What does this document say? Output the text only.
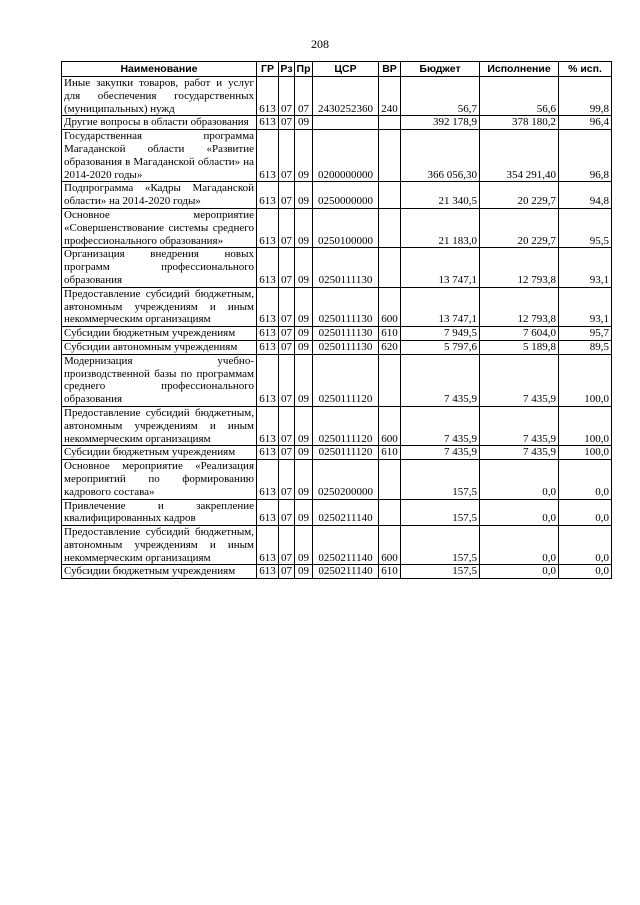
208
Наименование	ГР	Рз	Пр	ЦСР	ВР	Бюджет	Исполнение	% исп.
Иные закупки товаров, работ и услуг для обеспечения государственных (муниципальных) нужд	613	07	07	2430252360	240	56,7	56,6	99,8
Другие вопросы в области образования	613	07	09			392 178,9	378 180,2	96,4
Государственная программа Магаданской области «Развитие образования в Магаданской области» на 2014-2020 годы»	613	07	09	0200000000		366 056,30	354 291,40	96,8
Подпрограмма «Кадры Магаданской области» на 2014-2020 годы»	613	07	09	0250000000		21 340,5	20 229,7	94,8
Основное мероприятие «Совершенствование системы среднего профессионального образования»	613	07	09	0250100000		21 183,0	20 229,7	95,5
Организация внедрения новых программ профессионального образования	613	07	09	0250111130		13 747,1	12 793,8	93,1
Предоставление субсидий бюджетным, автономным учреждениям и иным некоммерческим организациям	613	07	09	0250111130	600	13 747,1	12 793,8	93,1
Субсидии бюджетным учреждениям	613	07	09	0250111130	610	7 949,5	7 604,0	95,7
Субсидии автономным учреждениям	613	07	09	0250111130	620	5 797,6	5 189,8	89,5
Модернизация учебно-производственной базы по программам среднего профессионального образования	613	07	09	0250111120		7 435,9	7 435,9	100,0
Предоставление субсидий бюджетным, автономным учреждениям и иным некоммерческим организациям	613	07	09	0250111120	600	7 435,9	7 435,9	100,0
Субсидии бюджетным учреждениям	613	07	09	0250111120	610	7 435,9	7 435,9	100,0
Основное мероприятие «Реализация мероприятий по формированию кадрового состава»	613	07	09	0250200000		157,5	0,0	0,0
Привлечение и закрепление квалифицированных кадров	613	07	09	0250211140		157,5	0,0	0,0
Предоставление субсидий бюджетным, автономным учреждениям и иным некоммерческим организациям	613	07	09	0250211140	600	157,5	0,0	0,0
Субсидии бюджетным учреждениям	613	07	09	0250211140	610	157,5	0,0	0,0
